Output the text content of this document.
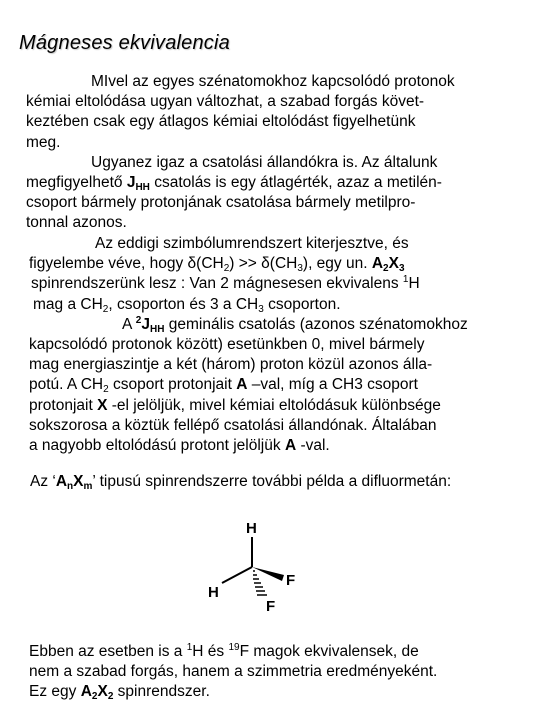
Mágneses ekvivalencia
MIvel az egyes szénatomokhoz kapcsolódó protonok
kémiai eltolódása ugyan változhat, a szabad forgás követ-
keztében csak egy átlagos kémiai eltolódást figyelhetünk
meg.
Ugyanez igaz a csatolási állandókra is. Az általunk
megfigyelhető $J_{HH}$ csatolás is egy átlagérték, azaz a metilén-
csoport bármely protonjának csatolása bármely metilpro-
tonnal azonos.
Az eddigi szimbólumrendszert kiterjesztve, és
figyelembe véve, hogy $\delta(CH_2) >> \delta(CH_3)$, egy un. $A_2X_3$
spinrendszerünk lesz : Van 2 mágnesesen ekvivalens $^1$H
mag a $CH_2$, csoporton és 3 a $CH_3$ csoporton.
A $^2J_{HH}$ geminális csatolás (azonos szénatomokhoz
kapcsolódó protonok között) esetünkben 0, mivel bármely
mag energiaszintje a két (három) proton közül azonos álla-
potú. A $CH_2$ csoport protonjait A –val, míg a CH3 csoport
protonjait X -el jelöljük, mivel kémiai eltolódásuk különbsége
sokszorosa a köztük fellépő csatolási állandónak. Általában
a nagyobb eltolódású protont jelöljük A -val.
Az ‘$A_nX_m$’ tipusú spinrendszerre további példa a difluormetán:
H
H
F
F
Ebben az esetben is a $^1$H és $^{19}$F magok ekvivalensek, de
nem a szabad forgás, hanem a szimmetria eredményeként.
Ez egy $A_2X_2$ spinrendszer.
